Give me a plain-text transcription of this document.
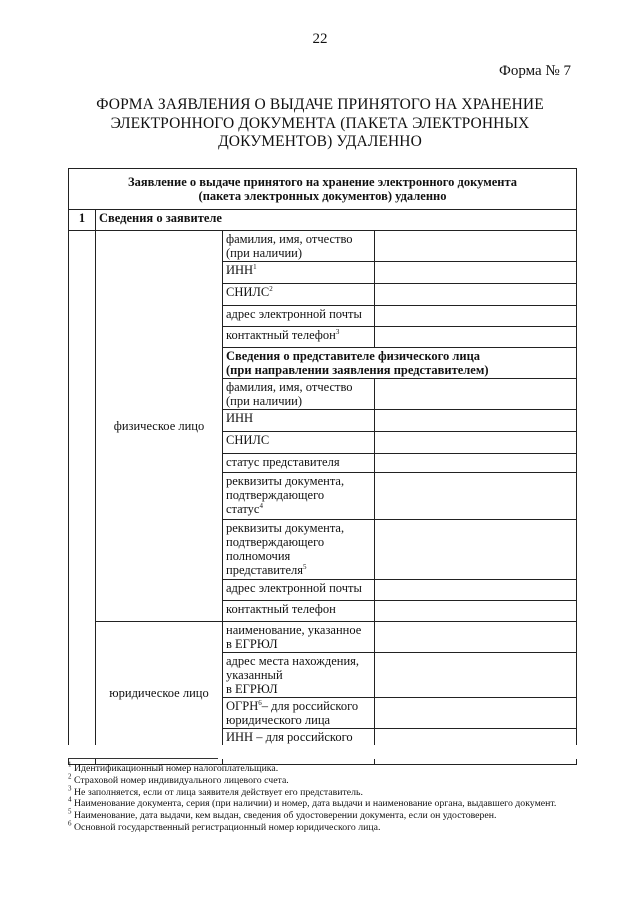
22
Форма № 7
ФОРМА ЗАЯВЛЕНИЯ О ВЫДАЧЕ ПРИНЯТОГО НА ХРАНЕНИЕ
ЭЛЕКТРОННОГО ДОКУМЕНТА (ПАКЕТА ЭЛЕКТРОННЫХ
ДОКУМЕНТОВ) УДАЛЕННО
Заявление о выдаче принятого на хранение электронного документа
(пакета электронных документов) удаленно			

1	Сведения о заявителе		
	физическое лицо	фамилия, имя, отчество
(при наличии)	
		ИНН$^1$	
		СНИЛС$^2$	
		адрес электронной почты	
		контактный телефон$^3$	
		Сведения о представителе физического лица
(при направлении заявления представителем)	
		фамилия, имя, отчество
(при наличии)	
		ИНН	
		СНИЛС	
		статус представителя	
		реквизиты документа,
подтверждающего
статус$^4$	
		реквизиты документа,
подтверждающего
полномочия
представителя$^5$	
		адрес электронной почты	
		контактный телефон	
	юридическое лицо	наименование, указанное
в ЕГРЮЛ	
		адрес места нахождения,
указанный
в ЕГРЮЛ	
		ОГРН$^6$– для российского
юридического лица	
		ИНН – для российского

$^1$ Идентификационный номер налогоплательщика.

$^2$ Страховой номер индивидуального лицевого счета.

$^3$ Не заполняется, если от лица заявителя действует его представитель.

$^4$ Наименование документа, серия (при наличии) и номер, дата выдачи и наименование органа, выдавшего документ.

$^5$ Наименование, дата выдачи, кем выдан, сведения об удостоверении документа, если он удостоверен.

$^6$ Основной государственный регистрационный номер юридического лица.
